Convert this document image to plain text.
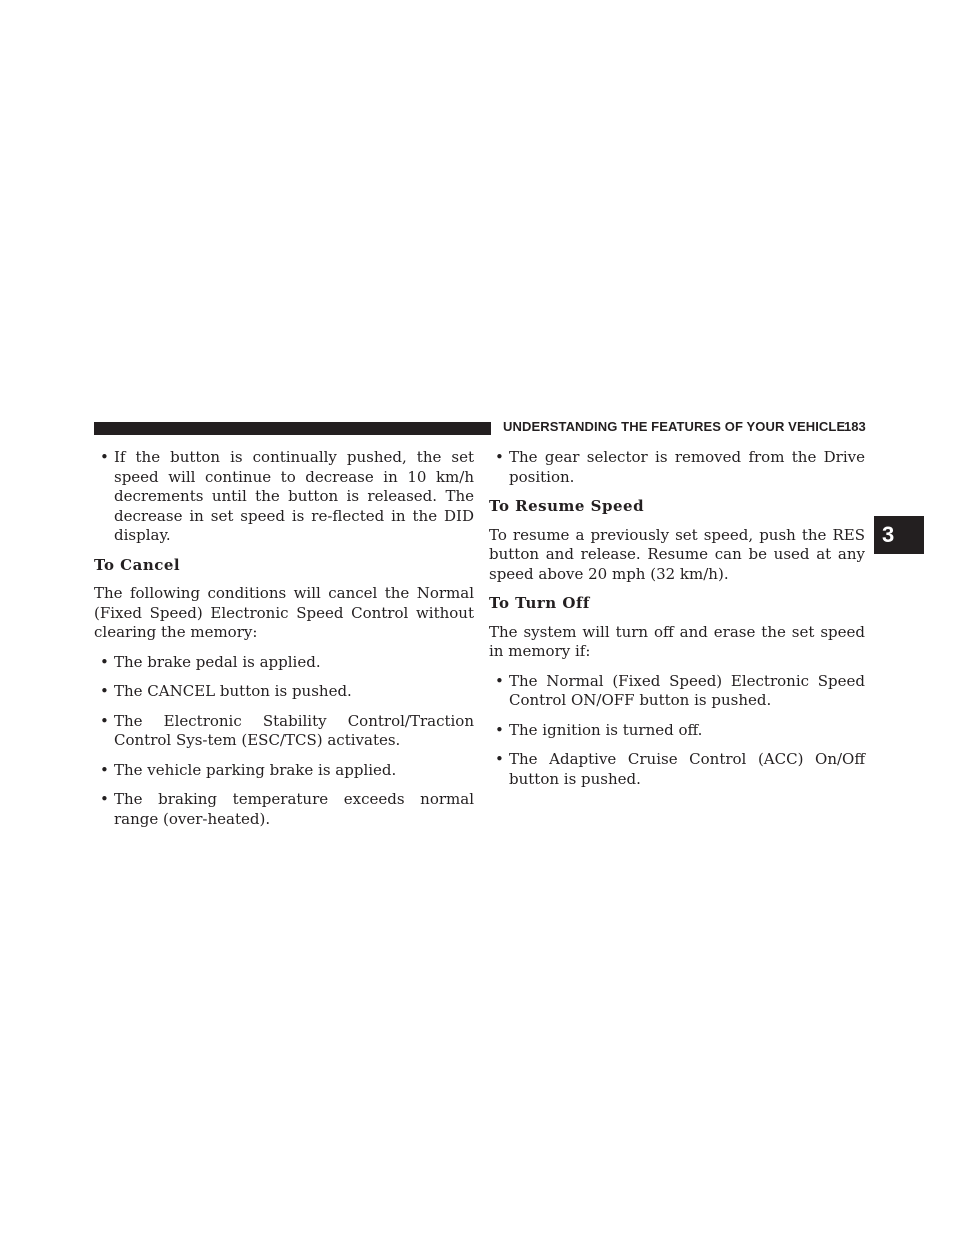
UNDERSTANDING THE FEATURES OF YOUR VEHICLE
183
3
• If the button is continually pushed, the set speed will continue to decrease in 10 km/h decrements until the button is released. The decrease in set speed is re-flected in the DID display.

To Cancel

The following conditions will cancel the Normal (Fixed Speed) Electronic Speed Control without clearing the memory:

• The brake pedal is applied.
• The CANCEL button is pushed.
• The Electronic Stability Control/Traction Control Sys-tem (ESC/TCS) activates.
• The vehicle parking brake is applied.
• The braking temperature exceeds normal range (over-heated).
• The gear selector is removed from the Drive position.

To Resume Speed

To resume a previously set speed, push the RES button and release. Resume can be used at any speed above 20 mph (32 km/h).

To Turn Off

The system will turn off and erase the set speed in memory if:

• The Normal (Fixed Speed) Electronic Speed Control ON/OFF button is pushed.
• The ignition is turned off.
• The Adaptive Cruise Control (ACC) On/Off button is pushed.
